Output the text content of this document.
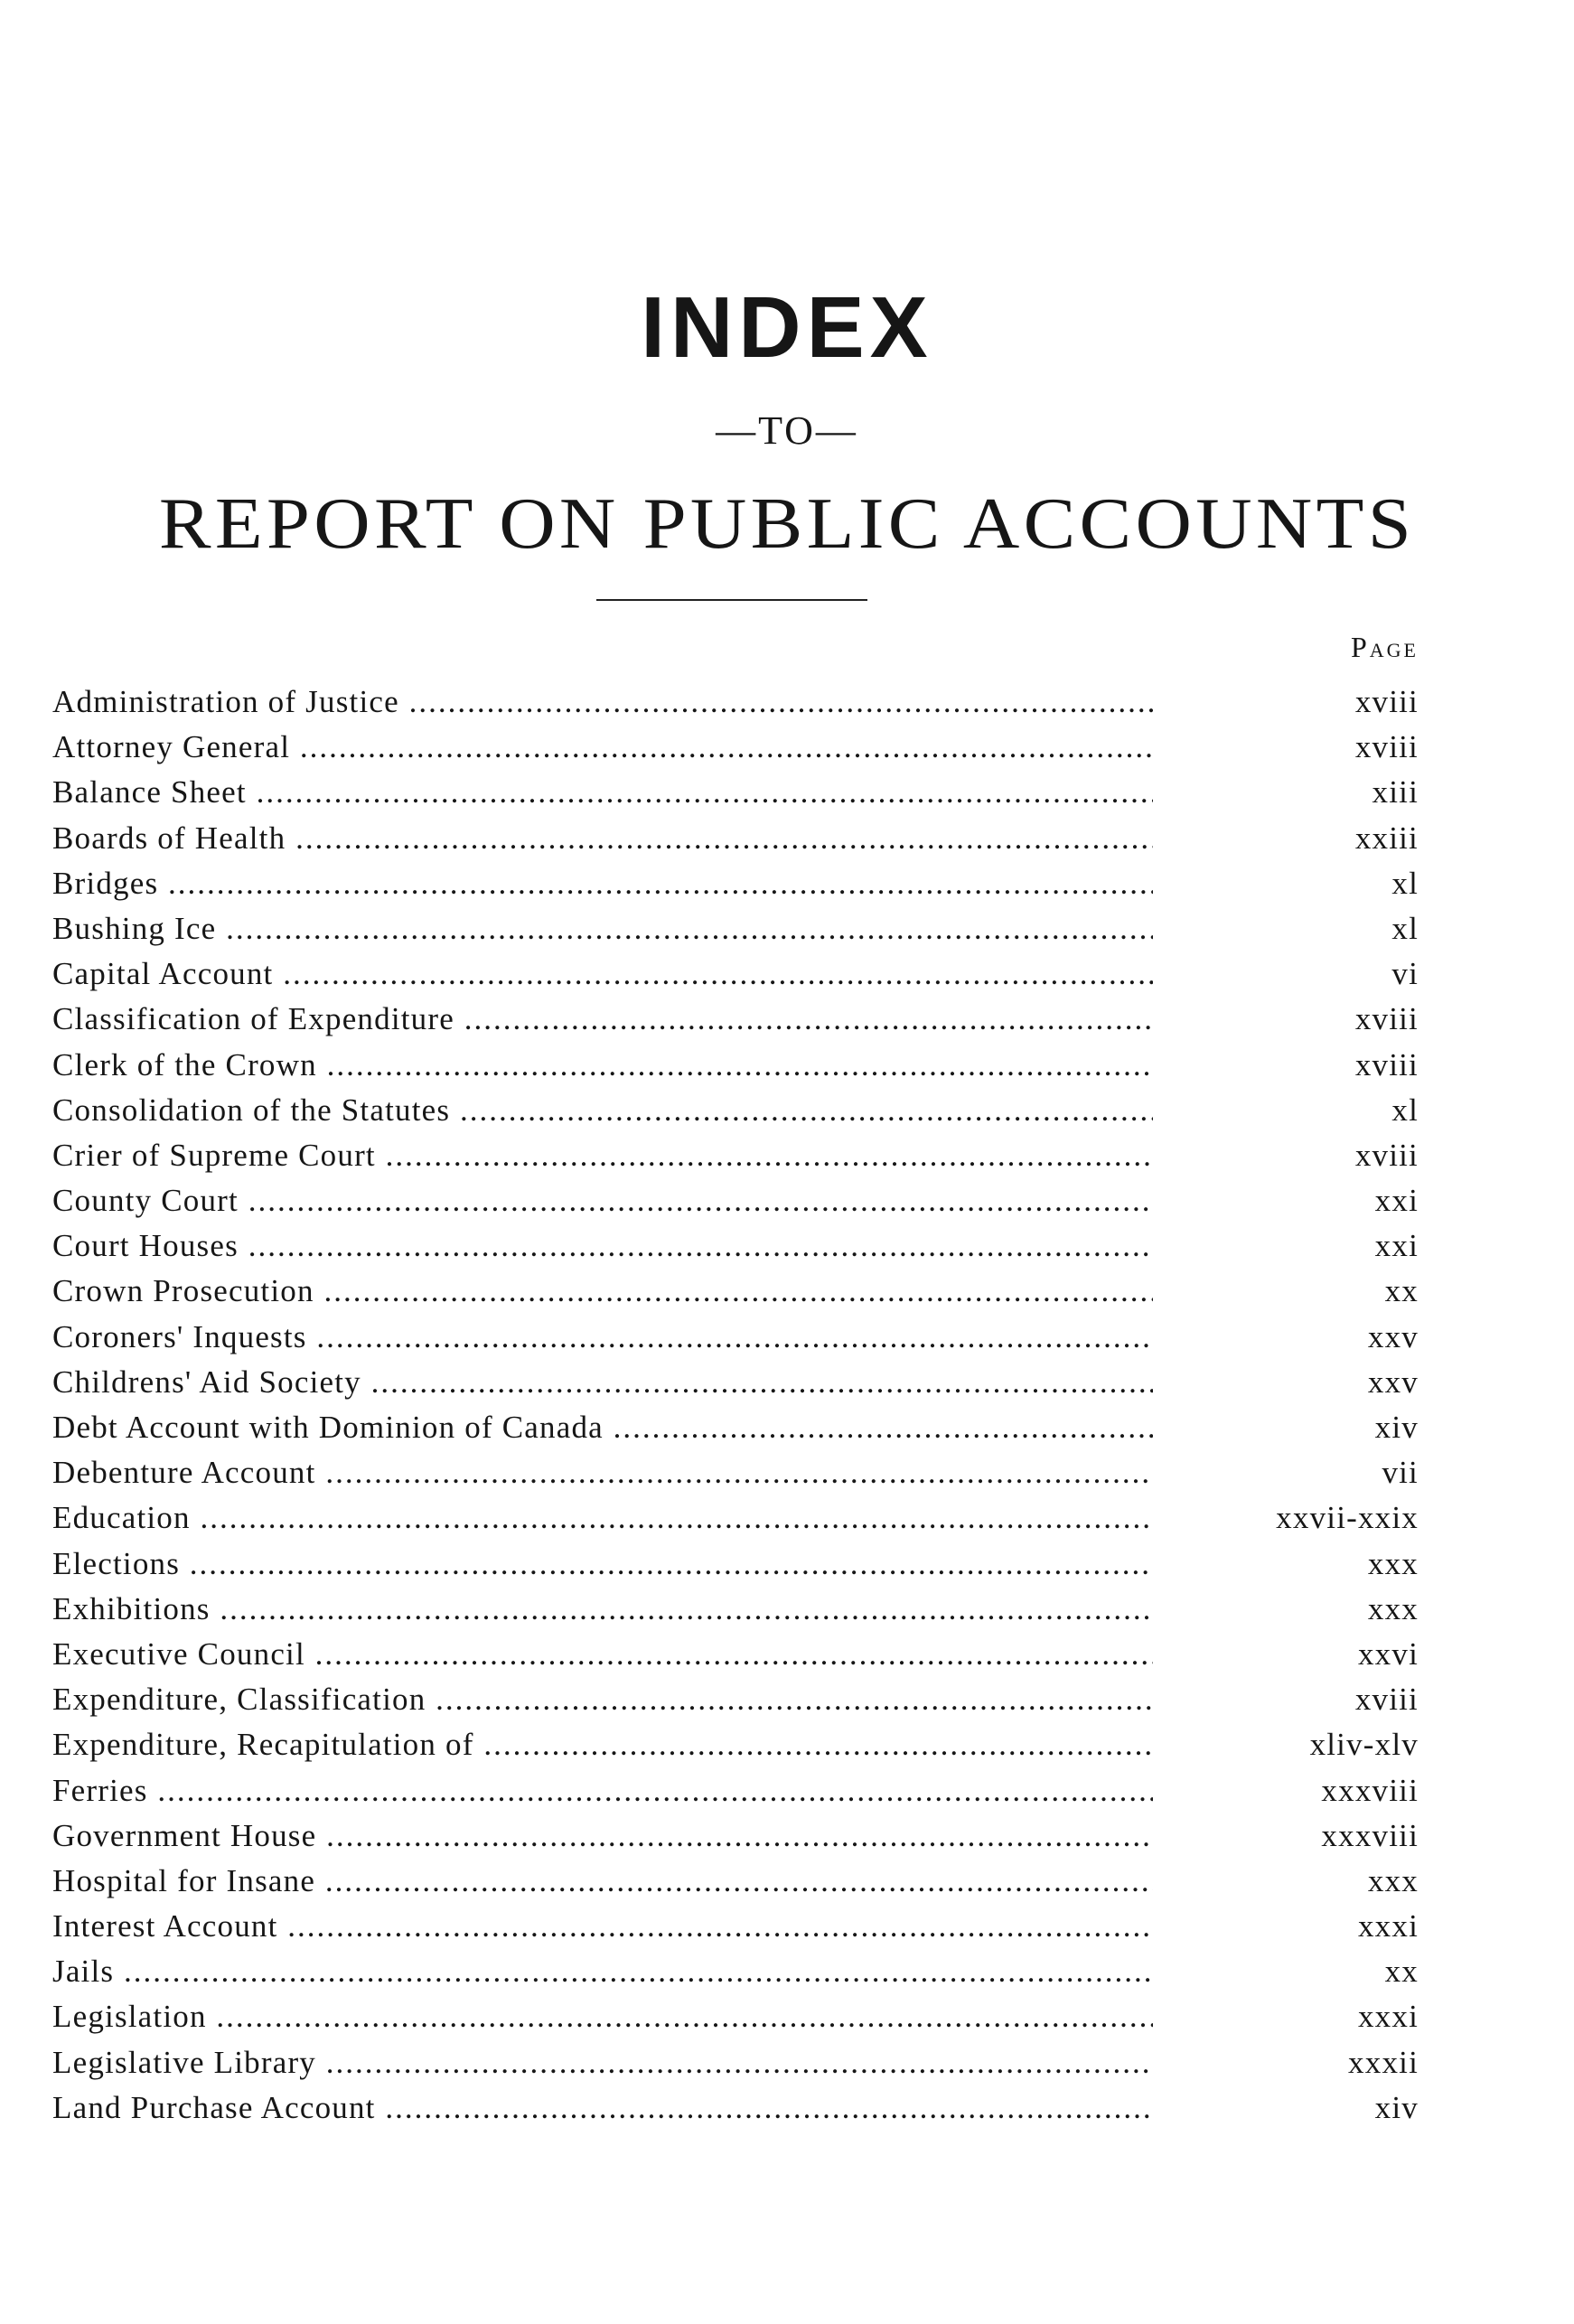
INDEX
—TO—
REPORT ON PUBLIC ACCOUNTS
Page
Administration of Justice .....	xviii
Attorney General .....	xviii
Balance Sheet .....	xiii
Boards of Health .....	xxiii
Bridges .....	xl
Bushing Ice .....	xl
Capital Account .....	vi
Classification of Expenditure .....	xviii
Clerk of the Crown .....	xviii
Consolidation of the Statutes .....	xl
Crier of Supreme Court .....	xviii
County Court .....	xxi
Court Houses .....	xxi
Crown Prosecution .....	xx
Coroners' Inquests .....	xxv
Childrens' Aid Society .....	xxv
Debt Account with Dominion of Canada .....	xiv
Debenture Account .....	vii
Education .....	xxvii-xxix
Elections .....	xxx
Exhibitions .....	xxx
Executive Council .....	xxvi
Expenditure, Classification .....	xviii
Expenditure, Recapitulation of .....	xliv-xlv
Ferries .....	xxxviii
Government House .....	xxxviii
Hospital for Insane .....	xxx
Interest Account .....	xxxi
Jails .....	xx
Legislation .....	xxxi
Legislative Library .....	xxxii
Land Purchase Account .....	xiv
